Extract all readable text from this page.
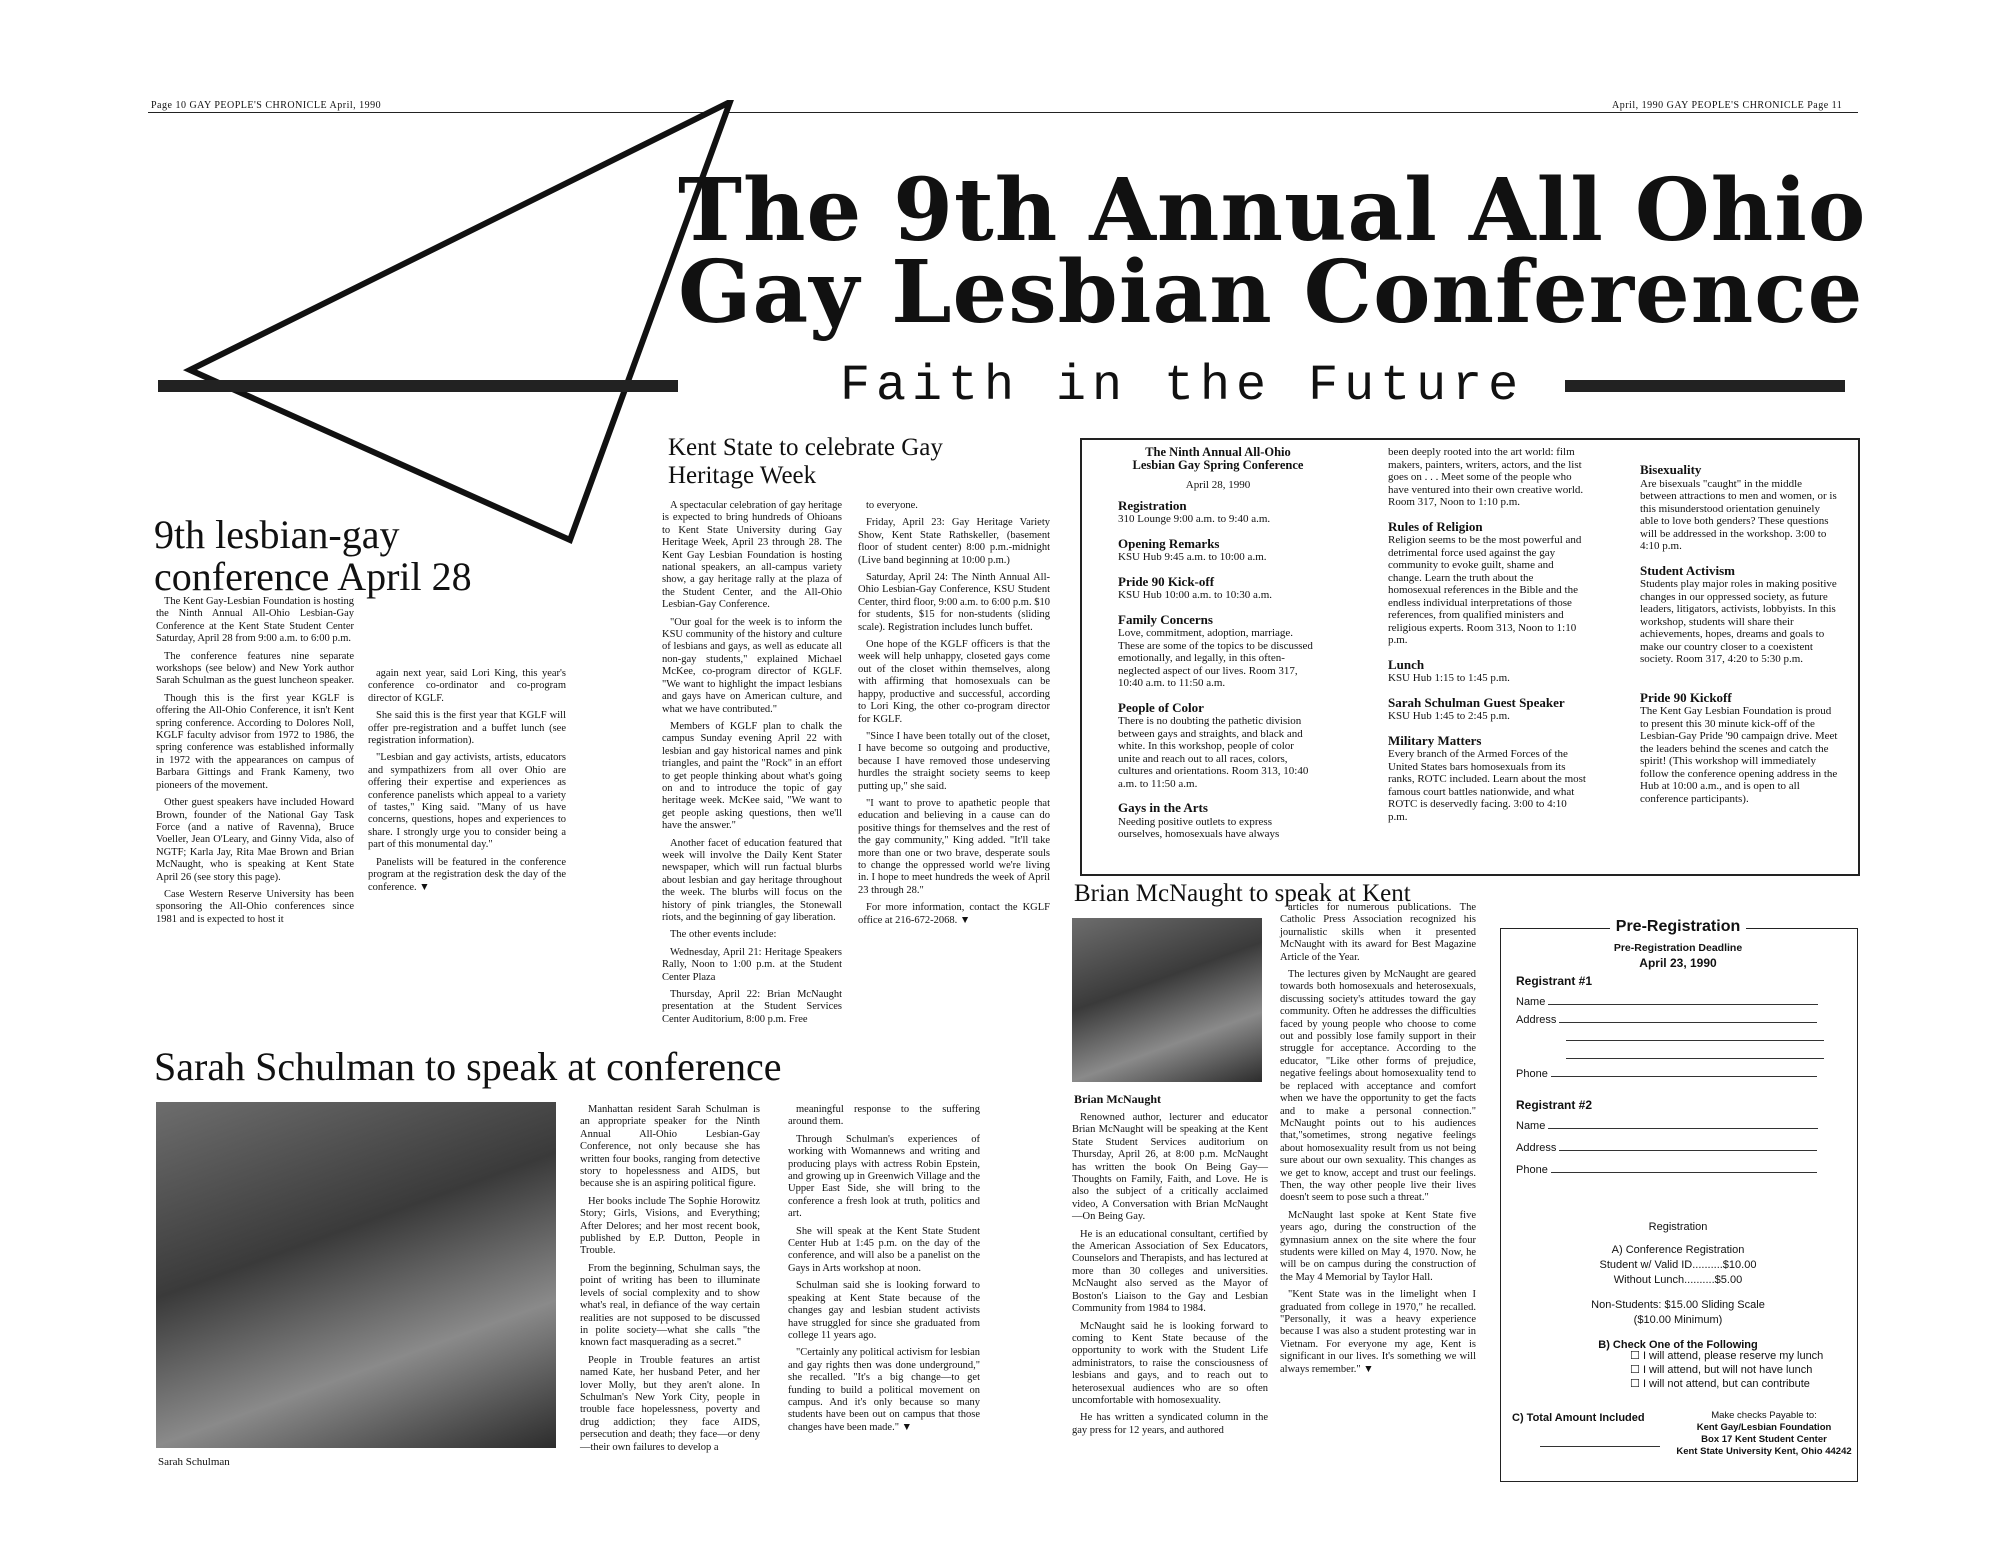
Page 10 GAY PEOPLE'S CHRONICLE April, 1990	April, 1990 GAY PEOPLE'S CHRONICLE Page 11
The 9th Annual All Ohio
Gay Lesbian Conference
Faith in the Future
9th lesbian-gay conference April 28

The Kent Gay-Lesbian Foundation is hosting the Ninth Annual All-Ohio Lesbian-Gay Conference at the Kent State Student Center Saturday, April 28 from 9:00 a.m. to 6:00 p.m.

The conference features nine separate workshops (see below) and New York author Sarah Schulman as the guest luncheon speaker.

Though this is the first year KGLF is offering the All-Ohio Conference, it isn't Kent spring conference. According to Dolores Noll, KGLF faculty advisor from 1972 to 1986, the spring conference was established informally in 1972 with the appearances on campus of Barbara Gittings and Frank Kameny, two pioneers of the movement.

Other guest speakers have included Howard Brown, founder of the National Gay Task Force (and a native of Ravenna), Bruce Voeller, Jean O'Leary, and Ginny Vida, also of NGTF; Karla Jay, Rita Mae Brown and Brian McNaught, who is speaking at Kent State April 26 (see story this page).

Case Western Reserve University has been sponsoring the All-Ohio conferences since 1981 and is expected to host it

again next year, said Lori King, this year's conference co-ordinator and co-program director of KGLF.

She said this is the first year that KGLF will offer pre-registration and a buffet lunch (see registration information).

"Lesbian and gay activists, artists, educators and sympathizers from all over Ohio are offering their expertise and experiences as conference panelists which appeal to a variety of tastes," King said. "Many of us have concerns, questions, hopes and experiences to share. I strongly urge you to consider being a part of this monumental day."

Panelists will be featured in the conference program at the registration desk the day of the conference. ▼

Kent State to celebrate Gay Heritage Week

A spectacular celebration of gay heritage is expected to bring hundreds of Ohioans to Kent State University during Gay Heritage Week, April 23 through 28. The Kent Gay Lesbian Foundation is hosting national speakers, an all-campus variety show, a gay heritage rally at the plaza of the Student Center, and the All-Ohio Lesbian-Gay Conference.

"Our goal for the week is to inform the KSU community of the history and culture of lesbians and gays, as well as educate all non-gay students," explained Michael McKee, co-program director of KGLF. "We want to highlight the impact lesbians and gays have on American culture, and what we have contributed."

Members of KGLF plan to chalk the campus Sunday evening April 22 with lesbian and gay historical names and pink triangles, and paint the "Rock" in an effort to get people thinking about what's going on and to introduce the topic of gay heritage week. McKee said, "We want to get people asking questions, then we'll have the answer."

Another facet of education featured that week will involve the Daily Kent Stater newspaper, which will run factual blurbs about lesbian and gay heritage throughout the week. The blurbs will focus on the history of pink triangles, the Stonewall riots, and the beginning of gay liberation.

The other events include:

Wednesday, April 21: Heritage Speakers Rally, Noon to 1:00 p.m. at the Student Center Plaza

Thursday, April 22: Brian McNaught presentation at the Student Services Center Auditorium, 8:00 p.m. Free

to everyone.

Friday, April 23: Gay Heritage Variety Show, Kent State Rathskeller, (basement floor of student center) 8:00 p.m.-midnight (Live band beginning at 10:00 p.m.)

Saturday, April 24: The Ninth Annual All-Ohio Lesbian-Gay Conference, KSU Student Center, third floor, 9:00 a.m. to 6:00 p.m. $10 for students, $15 for non-students (sliding scale). Registration includes lunch buffet.

One hope of the KGLF officers is that the week will help unhappy, closeted gays come out of the closet within themselves, along with affirming that homosexuals can be happy, productive and successful, according to Lori King, the other co-program director for KGLF.

"Since I have been totally out of the closet, I have become so outgoing and productive, because I have removed those undeserving hurdles the straight society seems to keep putting up," she said.

"I want to prove to apathetic people that education and believing in a cause can do positive things for themselves and the rest of the gay community," King added. "It'll take more than one or two brave, desperate souls to change the oppressed world we're living in. I hope to meet hundreds the week of April 23 through 28."

For more information, contact the KGLF office at 216-672-2068. ▼

The Ninth Annual All-Ohio
Lesbian Gay Spring Conference
April 28, 1990

Registration

310 Lounge 9:00 a.m. to 9:40 a.m.

Opening Remarks

KSU Hub 9:45 a.m. to 10:00 a.m.

Pride 90 Kick-off

KSU Hub 10:00 a.m. to 10:30 a.m.

Family Concerns

Love, commitment, adoption, marriage. These are some of the topics to be discussed emotionally, and legally, in this often-neglected aspect of our lives. Room 317, 10:40 a.m. to 11:50 a.m.

People of Color

There is no doubting the pathetic division between gays and straights, and black and white. In this workshop, people of color unite and reach out to all races, colors, cultures and orientations. Room 313, 10:40 a.m. to 11:50 a.m.

Gays in the Arts

Needing positive outlets to express ourselves, homosexuals have always

been deeply rooted into the art world: film makers, painters, writers, actors, and the list goes on . . . Meet some of the people who have ventured into their own creative world. Room 317, Noon to 1:10 p.m.

Rules of Religion

Religion seems to be the most powerful and detrimental force used against the gay community to evoke guilt, shame and change. Learn the truth about the homosexual references in the Bible and the endless individual interpretations of those references, from qualified ministers and religious experts. Room 313, Noon to 1:10 p.m.

Lunch

KSU Hub 1:15 to 1:45 p.m.

Sarah Schulman Guest Speaker

KSU Hub 1:45 to 2:45 p.m.

Military Matters

Every branch of the Armed Forces of the United States bars homosexuals from its ranks, ROTC included. Learn about the most famous court battles nationwide, and what ROTC is deservedly facing. 3:00 to 4:10 p.m.

Bisexuality

Are bisexuals "caught" in the middle between attractions to men and women, or is this misunderstood orientation genuinely able to love both genders? These questions will be addressed in the workshop. 3:00 to 4:10 p.m.

Student Activism

Students play major roles in making positive changes in our oppressed society, as future leaders, litigators, activists, lobbyists. In this workshop, students will share their achievements, hopes, dreams and goals to make our country closer to a coexistent society. Room 317, 4:20 to 5:30 p.m.

Pride 90 Kickoff

The Kent Gay Lesbian Foundation is proud to present this 30 minute kick-off of the Lesbian-Gay Pride '90 campaign drive. Meet the leaders behind the scenes and catch the spirit! (This workshop will immediately follow the conference opening address in the Hub at 10:00 a.m., and is open to all conference participants).

Brian McNaught to speak at Kent
Brian McNaught

Renowned author, lecturer and educator Brian McNaught will be speaking at the Kent State Student Services auditorium on Thursday, April 26, at 8:00 p.m. McNaught has written the book On Being Gay—Thoughts on Family, Faith, and Love. He is also the subject of a critically acclaimed video, A Conversation with Brian McNaught—On Being Gay.

He is an educational consultant, certified by the American Association of Sex Educators, Counselors and Therapists, and has lectured at more than 30 colleges and universities. McNaught also served as the Mayor of Boston's Liaison to the Gay and Lesbian Community from 1984 to 1984.

McNaught said he is looking forward to coming to Kent State because of the opportunity to work with the Student Life administrators, to raise the consciousness of lesbians and gays, and to reach out to heterosexual audiences who are so often uncomfortable with homosexuality.

He has written a syndicated column in the gay press for 12 years, and authored

articles for numerous publications. The Catholic Press Association recognized his journalistic skills when it presented McNaught with its award for Best Magazine Article of the Year.

The lectures given by McNaught are geared towards both homosexuals and heterosexuals, discussing society's attitudes toward the gay community. Often he addresses the difficulties faced by young people who choose to come out and possibly lose family support in their struggle for acceptance. According to the educator, "Like other forms of prejudice, negative feelings about homosexuality tend to be replaced with acceptance and comfort when we have the opportunity to get the facts and to make a personal connection." McNaught points out to his audiences that,"sometimes, strong negative feelings about homosexuality result from us not being sure about our own sexuality. This changes as we get to know, accept and trust our feelings. Then, the way other people live their lives doesn't seem to pose such a threat."

McNaught last spoke at Kent State five years ago, during the construction of the gymnasium annex on the site where the four students were killed on May 4, 1970. Now, he will be on campus during the construction of the May 4 Memorial by Taylor Hall.

"Kent State was in the limelight when I graduated from college in 1970," he recalled. "Personally, it was a heavy experience because I was also a student protesting war in Vietnam. For everyone my age, Kent is significant in our lives. It's something we will always remember." ▼

Sarah Schulman to speak at conference
Sarah Schulman

Manhattan resident Sarah Schulman is an appropriate speaker for the Ninth Annual All-Ohio Lesbian-Gay Conference, not only because she has written four books, ranging from detective story to hopelessness and AIDS, but because she is an aspiring political figure.

Her books include The Sophie Horowitz Story; Girls, Visions, and Everything; After Delores; and her most recent book, published by E.P. Dutton, People in Trouble.

From the beginning, Schulman says, the point of writing has been to illuminate levels of social complexity and to show what's real, in defiance of the way certain realities are not supposed to be discussed in polite society—what she calls "the known fact masquerading as a secret."

People in Trouble features an artist named Kate, her husband Peter, and her lover Molly, but they aren't alone. In Schulman's New York City, people in trouble face hopelessness, poverty and drug addiction; they face AIDS, persecution and death; they face—or deny—their own failures to develop a

meaningful response to the suffering around them.

Through Schulman's experiences of working with Womannews and writing and producing plays with actress Robin Epstein, and growing up in Greenwich Village and the Upper East Side, she will bring to the conference a fresh look at truth, politics and art.

She will speak at the Kent State Student Center Hub at 1:45 p.m. on the day of the conference, and will also be a panelist on the Gays in Arts workshop at noon.

Schulman said she is looking forward to speaking at Kent State because of the changes gay and lesbian student activists have struggled for since she graduated from college 11 years ago.

"Certainly any political activism for lesbian and gay rights then was done underground," she recalled. "It's a big change—to get funding to build a political movement on campus. And it's only because so many students have been out on campus that those changes have been made." ▼

Pre-Registration
Pre-Registration Deadline
April 23, 1990
Registrant #1
Name
Address
Phone
Registrant #2
Name
Address
Phone
Registration
A) Conference Registration
Student w/ Valid ID..........$10.00
Without Lunch..........$5.00
Non-Students: $15.00 Sliding Scale
($10.00 Minimum)
B) Check One of the Following
☐ I will attend, please reserve my lunch
☐ I will attend, but will not have lunch
☐ I will not attend, but can contribute
C) Total Amount Included	Make checks Payable to:
Kent Gay/Lesbian Foundation
Box 17 Kent Student Center
Kent State University Kent, Ohio 44242
